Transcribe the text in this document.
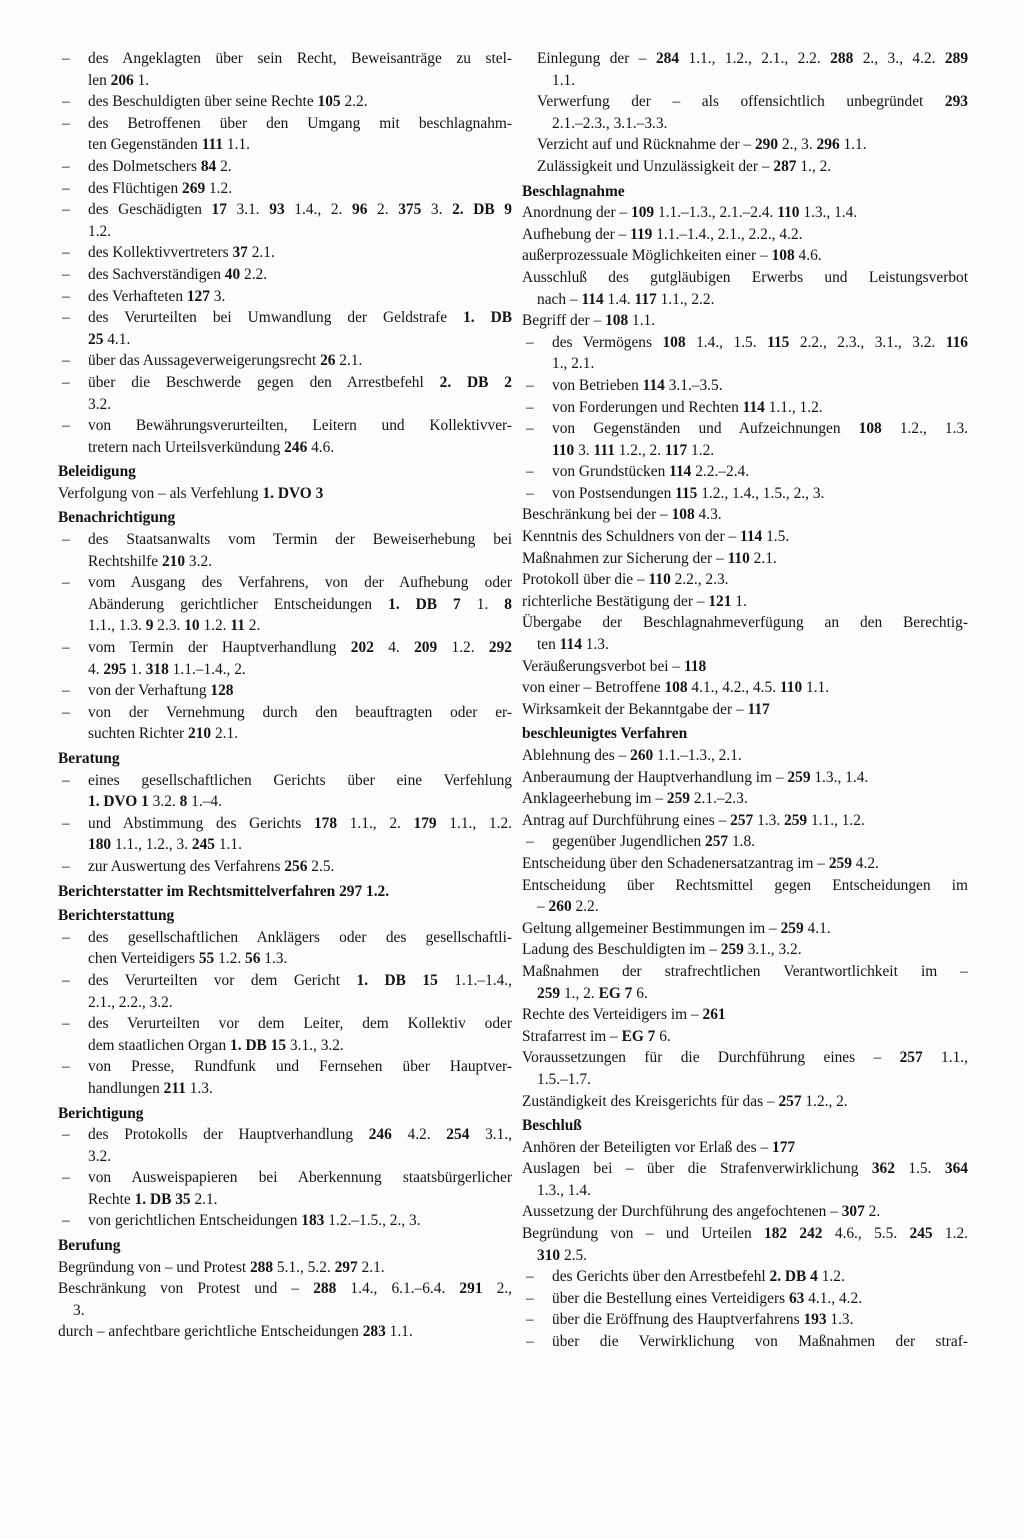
– des Angeklagten über sein Recht, Beweisanträge zu stel-
len 206 1.
– des Beschuldigten über seine Rechte 105 2.2.
– des Betroffenen über den Umgang mit beschlagnahm-
ten Gegenständen 111 1.1.
– des Dolmetschers 84 2.
– des Flüchtigen 269 1.2.
– des Geschädigten 17 3.1. 93 1.4., 2. 96 2. 375 3. 2. DB 9
1.2.
– des Kollektivvertreters 37 2.1.
– des Sachverständigen 40 2.2.
– des Verhafteten 127 3.
– des Verurteilten bei Umwandlung der Geldstrafe 1. DB
25 4.1.
– über das Aussageverweigerungsrecht 26 2.1.
– über die Beschwerde gegen den Arrestbefehl 2. DB 2
3.2.
– von Bewährungsverurteilten, Leitern und Kollektivver-
tretern nach Urteilsverkündung 246 4.6.
Beleidigung
Verfolgung von – als Verfehlung 1. DVO 3
Benachrichtigung
– des Staatsanwalts vom Termin der Beweiserhebung bei
Rechtshilfe 210 3.2.
– vom Ausgang des Verfahrens, von der Aufhebung oder
Abänderung gerichtlicher Entscheidungen 1. DB 7 1. 8
1.1., 1.3. 9 2.3. 10 1.2. 11 2.
– vom Termin der Hauptverhandlung 202 4. 209 1.2. 292
4. 295 1. 318 1.1.–1.4., 2.
– von der Verhaftung 128
– von der Vernehmung durch den beauftragten oder er-
suchten Richter 210 2.1.
Beratung
– eines gesellschaftlichen Gerichts über eine Verfehlung
1. DVO 1 3.2. 8 1.–4.
– und Abstimmung des Gerichts 178 1.1., 2. 179 1.1., 1.2.
180 1.1., 1.2., 3. 245 1.1.
– zur Auswertung des Verfahrens 256 2.5.
Berichterstatter im Rechtsmittelverfahren 297 1.2.
Berichterstattung
– des gesellschaftlichen Anklägers oder des gesellschaftli-
chen Verteidigers 55 1.2. 56 1.3.
– des Verurteilten vor dem Gericht 1. DB 15 1.1.–1.4.,
2.1., 2.2., 3.2.
– des Verurteilten vor dem Leiter, dem Kollektiv oder
dem staatlichen Organ 1. DB 15 3.1., 3.2.
– von Presse, Rundfunk und Fernsehen über Hauptver-
handlungen 211 1.3.
Berichtigung
– des Protokolls der Hauptverhandlung 246 4.2. 254 3.1.,
3.2.
– von Ausweispapieren bei Aberkennung staatsbürgerlicher
Rechte 1. DB 35 2.1.
– von gerichtlichen Entscheidungen 183 1.2.–1.5., 2., 3.
Berufung
Begründung von – und Protest 288 5.1., 5.2. 297 2.1.
Beschränkung von Protest und – 288 1.4., 6.1.–6.4. 291 2.,
3.
durch – anfechtbare gerichtliche Entscheidungen 283 1.1.
Einlegung der – 284 1.1., 1.2., 2.1., 2.2. 288 2., 3., 4.2. 289
1.1.
Verwerfung der – als offensichtlich unbegründet 293
2.1.–2.3., 3.1.–3.3.
Verzicht auf und Rücknahme der – 290 2., 3. 296 1.1.
Zulässigkeit und Unzulässigkeit der – 287 1., 2.
Beschlagnahme
Anordnung der – 109 1.1.–1.3., 2.1.–2.4. 110 1.3., 1.4.
Aufhebung der – 119 1.1.–1.4., 2.1., 2.2., 4.2.
außerprozessuale Möglichkeiten einer – 108 4.6.
Ausschluß des gutgläubigen Erwerbs und Leistungsverbot
nach – 114 1.4. 117 1.1., 2.2.
Begriff der – 108 1.1.
– des Vermögens 108 1.4., 1.5. 115 2.2., 2.3., 3.1., 3.2. 116
1., 2.1.
– von Betrieben 114 3.1.–3.5.
– von Forderungen und Rechten 114 1.1., 1.2.
– von Gegenständen und Aufzeichnungen 108 1.2., 1.3.
110 3. 111 1.2., 2. 117 1.2.
– von Grundstücken 114 2.2.–2.4.
– von Postsendungen 115 1.2., 1.4., 1.5., 2., 3.
Beschränkung bei der – 108 4.3.
Kenntnis des Schuldners von der – 114 1.5.
Maßnahmen zur Sicherung der – 110 2.1.
Protokoll über die – 110 2.2., 2.3.
richterliche Bestätigung der – 121 1.
Übergabe der Beschlagnahmeverfügung an den Berechtig-
ten 114 1.3.
Veräußerungsverbot bei – 118
von einer – Betroffene 108 4.1., 4.2., 4.5. 110 1.1.
Wirksamkeit der Bekanntgabe der – 117
beschleunigtes Verfahren
Ablehnung des – 260 1.1.–1.3., 2.1.
Anberaumung der Hauptverhandlung im – 259 1.3., 1.4.
Anklageerhebung im – 259 2.1.–2.3.
Antrag auf Durchführung eines – 257 1.3. 259 1.1., 1.2.
– gegenüber Jugendlichen 257 1.8.
Entscheidung über den Schadenersatzantrag im – 259 4.2.
Entscheidung über Rechtsmittel gegen Entscheidungen im
– 260 2.2.
Geltung allgemeiner Bestimmungen im – 259 4.1.
Ladung des Beschuldigten im – 259 3.1., 3.2.
Maßnahmen der strafrechtlichen Verantwortlichkeit im –
259 1., 2. EG 7 6.
Rechte des Verteidigers im – 261
Strafarrest im – EG 7 6.
Voraussetzungen für die Durchführung eines – 257 1.1.,
1.5.–1.7.
Zuständigkeit des Kreisgerichts für das – 257 1.2., 2.
Beschluß
Anhören der Beteiligten vor Erlaß des – 177
Auslagen bei – über die Strafenverwirklichung 362 1.5. 364
1.3., 1.4.
Aussetzung der Durchführung des angefochtenen – 307 2.
Begründung von – und Urteilen 182 242 4.6., 5.5. 245 1.2.
310 2.5.
– des Gerichts über den Arrestbefehl 2. DB 4 1.2.
– über die Bestellung eines Verteidigers 63 4.1., 4.2.
– über die Eröffnung des Hauptverfahrens 193 1.3.
– über die Verwirklichung von Maßnahmen der straf-
